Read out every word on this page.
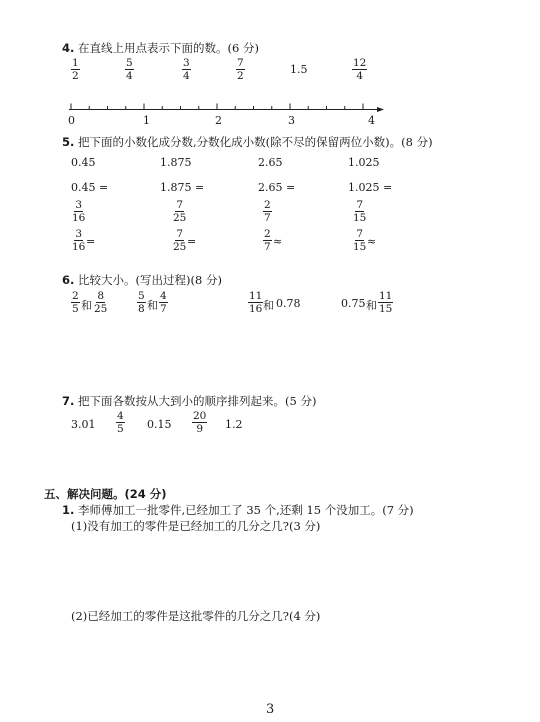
4. 在直线上用点表示下面的数。(6 分)
$\frac{1}{2}$	$\frac{5}{4}$	$\frac{3}{4}$	$\frac{7}{2}$	1.5	$\frac{12}{4}$
0	1	2	3	4
5. 把下面的小数化成分数,分数化成小数(除不尽的保留两位小数)。(8 分)
0.45	1.875	2.65	1.025
0.45 =	1.875 =	2.65 =	1.025 =
$\frac{3}{16}$	$\frac{7}{25}$	$\frac{2}{7}$	$\frac{7}{15}$
$\frac{3}{16}$ =	$\frac{7}{25}$ =	$\frac{2}{7}$ ≈	$\frac{7}{15}$ ≈
6. 比较大小。(写出过程)(8 分)
$\frac{2}{5}$ 和 $\frac{8}{25}$	$\frac{5}{8}$ 和 $\frac{4}{7}$	$\frac{11}{16}$ 和 0.78	0.75 和 $\frac{11}{15}$
7. 把下面各数按从大到小的顺序排列起来。(5 分)
$3.01 \frac{4}{5} 0.15 \frac{20}{9} 1.2$
五、解决问题。(24 分)
1. 李师傅加工一批零件,已经加工了 35 个,还剩 15 个没加工。(7 分)
(1)没有加工的零件是已经加工的几分之几?(3 分)
(2)已经加工的零件是这批零件的几分之几?(4 分)
3
